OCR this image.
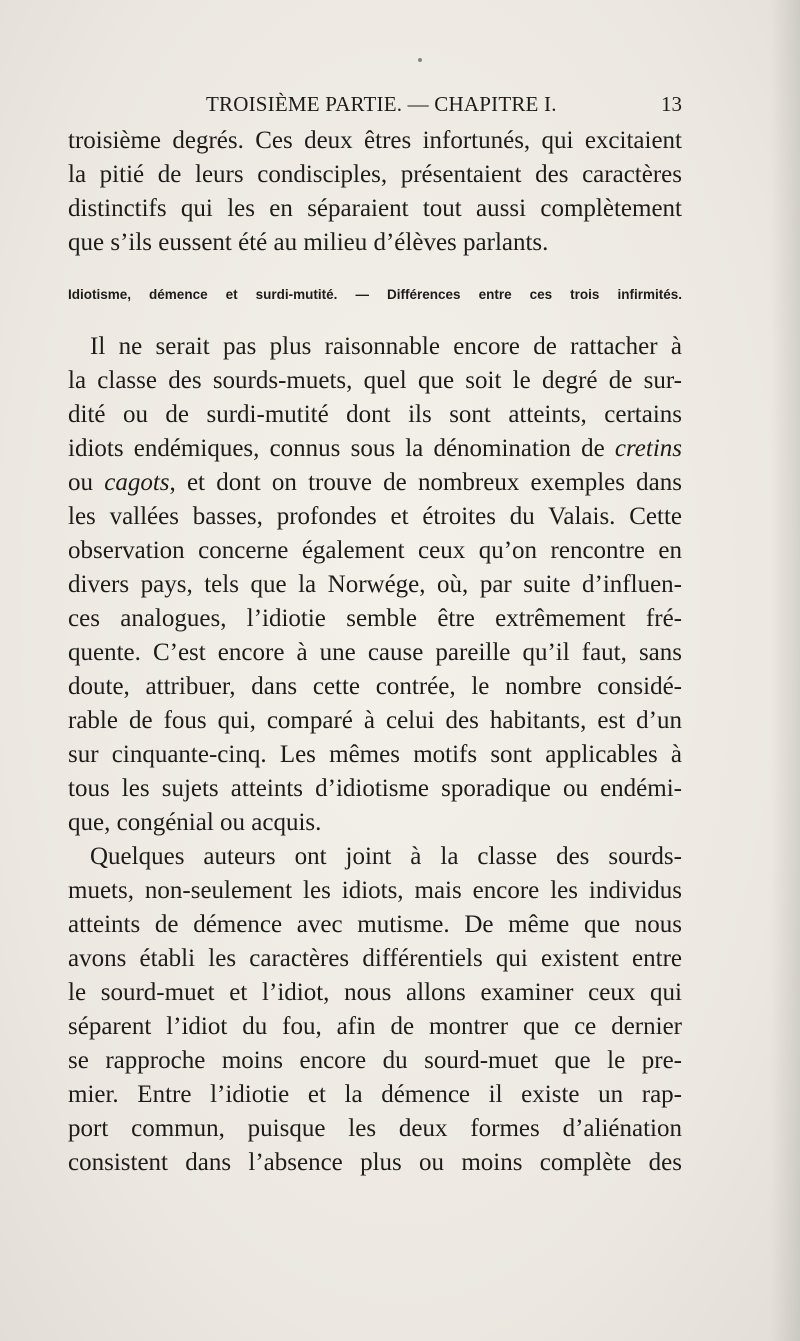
TROISIÈME PARTIE. — CHAPITRE I.	13
troisième degrés. Ces deux êtres infortunés, qui excitaient
la pitié de leurs condisciples, présentaient des caractères
distinctifs qui les en séparaient tout aussi complètement
que s’ils eussent été au milieu d’élèves parlants.
Idiotisme, démence et surdi-mutité. — Différences entre ces trois infirmités.
Il ne serait pas plus raisonnable encore de rattacher à
la classe des sourds-muets, quel que soit le degré de sur-
dité ou de surdi-mutité dont ils sont atteints, certains
idiots endémiques, connus sous la dénomination de cretins
ou cagots, et dont on trouve de nombreux exemples dans
les vallées basses, profondes et étroites du Valais. Cette
observation concerne également ceux qu’on rencontre en
divers pays, tels que la Norwége, où, par suite d’influen-
ces analogues, l’idiotie semble être extrêmement fré-
quente. C’est encore à une cause pareille qu’il faut, sans
doute, attribuer, dans cette contrée, le nombre considé-
rable de fous qui, comparé à celui des habitants, est d’un
sur cinquante-cinq. Les mêmes motifs sont applicables à
tous les sujets atteints d’idiotisme sporadique ou endémi-
que, congénial ou acquis.
Quelques auteurs ont joint à la classe des sourds-
muets, non-seulement les idiots, mais encore les individus
atteints de démence avec mutisme. De même que nous
avons établi les caractères différentiels qui existent entre
le sourd-muet et l’idiot, nous allons examiner ceux qui
séparent l’idiot du fou, afin de montrer que ce dernier
se rapproche moins encore du sourd-muet que le pre-
mier. Entre l’idiotie et la démence il existe un rap-
port commun, puisque les deux formes d’aliénation
consistent dans l’absence plus ou moins complète des
